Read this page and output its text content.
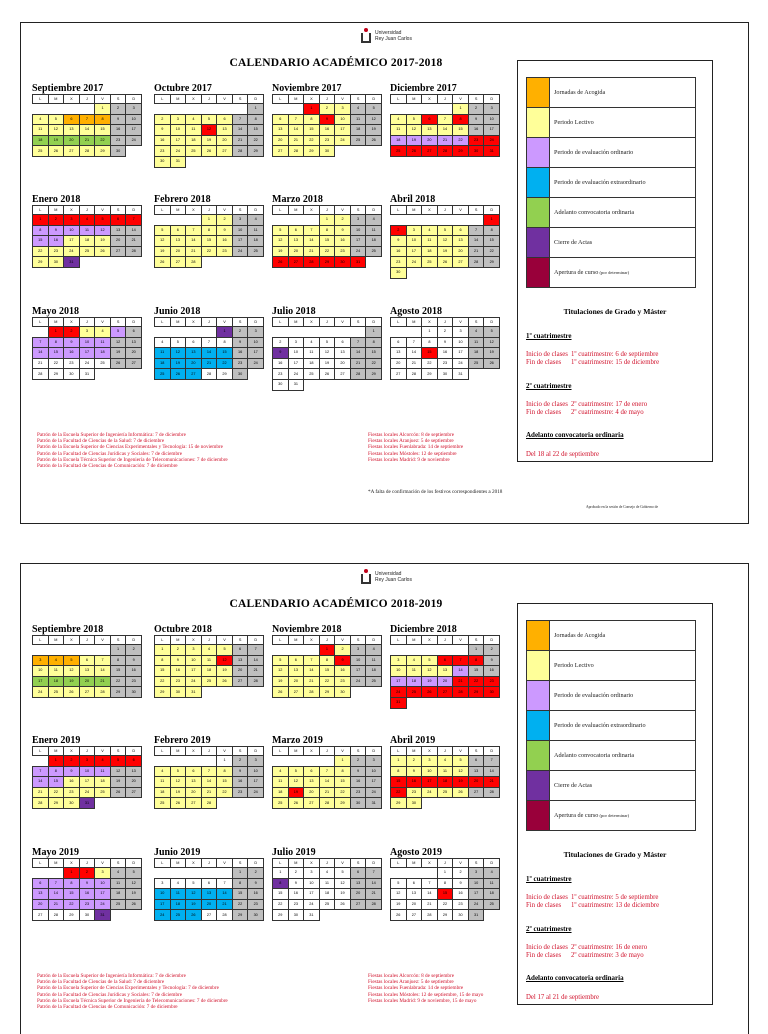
Universidad
Rey Juan Carlos
CALENDARIO ACADÉMICO 2017-2018
Septiembre 2017
L	M	X	J	V	S	D
				1	2	3
4	5	6	7	8	9	10
11	12	13	14	15	16	17
18	19	20	21	22	23	24
25	26	27	28	29	30	
Octubre 2017
L	M	X	J	V	S	D
						1
2	3	4	5	6	7	8
9	10	11	12	13	14	15
16	17	18	19	20	21	22
23	24	25	26	27	28	29
30	31					
Noviembre 2017
L	M	X	J	V	S	D
		1	2	3	4	5
6	7	8	9	10	11	12
13	14	15	16	17	18	19
20	21	22	23	24	25	26
27	28	29	30			
Diciembre 2017
L	M	X	J	V	S	D
				1	2	3
4	5	6	7	8	9	10
11	12	13	14	15	16	17
18	19	20	21	22	23	24
25	26	27	28	29	30	31
Enero 2018
L	M	X	J	V	S	D
1	2	3	4	5	6	7
8	9	10	11	12	13	14
15	16	17	18	19	20	21
22	23	24	25	26	27	28
29	30	31				
Febrero 2018
L	M	X	J	V	S	D
			1	2	3	4
5	6	7	8	9	10	11
12	13	14	15	16	17	18
19	20	21	22	23	24	25
26	27	28				
Marzo 2018
L	M	X	J	V	S	D
			1	2	3	4
5	6	7	8	9	10	11
12	13	14	15	16	17	18
19	20	21	22	23	24	25
26	27	28	29	30	31	
Abril 2018
L	M	X	J	V	S	D
						1
2	3	4	5	6	7	8
9	10	11	12	13	14	15
16	17	18	19	20	21	22
23	24	25	26	27	28	29
30						
Mayo 2018
L	M	X	J	V	S	D
	1	2	3	4	5	6
7	8	9	10	11	12	13
14	15	16	17	18	19	20
21	22	23	24	25	26	27
28	29	30	31			
Junio 2018
L	M	X	J	V	S	D
				1	2	3
4	5	6	7	8	9	10
11	12	13	14	15	16	17
18	19	20	21	22	23	24
25	26	27	28	29	30	
Julio 2018
L	M	X	J	V	S	D
						1
2	3	4	5	6	7	8
9	10	11	12	13	14	15
16	17	18	19	20	21	22
23	24	25	26	27	28	29
30	31					
Agosto 2018
L	M	X	J	V	S	D
		1	2	3	4	5
6	7	8	9	10	11	12
13	14	15	16	17	18	19
20	21	22	23	24	25	26
27	28	29	30	31		
Patrón de la Escuela Superior de Ingeniería Informática: 7 de diciembre
Patrón de la Facultad de Ciencias de la Salud: 7 de diciembre
Patrón de la Escuela Superior de Ciencias Experimentales y Tecnología: 15 de noviembre
Patrón de la Facultad de Ciencias Jurídicas y Sociales: 7 de diciembre
Patrón de la Escuela Técnica Superior de Ingeniería de Telecomunicaciones: 7 de diciembre
Patrón de la Facultad de Ciencias de Comunicación: 7 de diciembre
Fiestas locales Alcorcón: 8 de septiembre
Fiestas locales Aranjuez: 5 de septiembre
Fiestas locales Fuenlabrada: 14 de septiembre
Fiestas locales Móstoles: 12 de septiembre
Fiestas locales Madrid: 9 de noviembre
*A falta de confirmación de los festivos correspondientes a 2018
Aprobado en la sesión de Consejo de Gobierno de
	Jornadas de Acogida
	Periodo Lectivo
	Periodo de evaluación ordinario
	Periodo de evaluación extraordinario
	Adelanto convocatoria ordinaria
	Cierre de Actas
	Apertura de curso (por determinar)
Titulaciones de Grado y Máster
1º cuatrimestre
Inicio de clases 1º cuatrimestre: 6 de septiembre
Fin de clases 1º cuatrimestre: 15 de diciembre
2º cuatrimestre
Inicio de clases 2º cuatrimestre: 17 de enero
Fin de clases 2º cuatrimestre: 4 de mayo
Adelanto convocatoria ordinaria
Del 18 al 22 de septiembre
Universidad
Rey Juan Carlos
CALENDARIO ACADÉMICO 2018-2019
Septiembre 2018
L	M	X	J	V	S	D
					1	2
3	4	5	6	7	8	9
10	11	12	13	14	15	16
17	18	19	20	21	22	23
24	25	26	27	28	29	30
Octubre 2018
L	M	X	J	V	S	D
1	2	3	4	5	6	7
8	9	10	11	12	13	14
15	16	17	18	19	20	21
22	23	24	25	26	27	28
29	30	31				
Noviembre 2018
L	M	X	J	V	S	D
			1	2	3	4
5	6	7	8	9	10	11
12	13	14	15	16	17	18
19	20	21	22	23	24	25
26	27	28	29	30		
Diciembre 2018
L	M	X	J	V	S	D
					1	2
3	4	5	6	7	8	9
10	11	12	13	14	15	16
17	18	19	20	21	22	23
24	25	26	27	28	29	30
31						
Enero 2019
L	M	X	J	V	S	D
	1	2	3	4	5	6
7	8	9	10	11	12	13
14	15	16	17	18	19	20
21	22	23	24	25	26	27
28	29	30	31			
Febrero 2019
L	M	X	J	V	S	D
				1	2	3
4	5	6	7	8	9	10
11	12	13	14	15	16	17
18	19	20	21	22	23	24
25	26	27	28			
Marzo 2019
L	M	X	J	V	S	D
				1	2	3
4	5	6	7	8	9	10
11	12	13	14	15	16	17
18	19	20	21	22	23	24
25	26	27	28	29	30	31
Abril 2019
L	M	X	J	V	S	D
1	2	3	4	5	6	7
8	9	10	11	12	13	14
15	16	17	18	19	20	21
22	23	24	25	26	27	28
29	30					
Mayo 2019
L	M	X	J	V	S	D
		1	2	3	4	5
6	7	8	9	10	11	12
13	14	15	16	17	18	19
20	21	22	23	24	25	26
27	28	29	30	31		
Junio 2019
L	M	X	J	V	S	D
					1	2
3	4	5	6	7	8	9
10	11	12	13	14	15	16
17	18	19	20	21	22	23
24	25	26	27	28	29	30
Julio 2019
L	M	X	J	V	S	D
1	2	3	4	5	6	7
8	9	10	11	12	13	14
15	16	17	18	19	20	21
22	23	24	25	26	27	28
29	30	31				
Agosto 2019
L	M	X	J	V	S	D
			1	2	3	4
5	6	7	8	9	10	11
12	13	14	15	16	17	18
19	20	21	22	23	24	25
26	27	28	29	30	31	
Patrón de la Escuela Superior de Ingeniería Informática: 7 de diciembre
Patrón de la Facultad de Ciencias de la Salud: 7 de diciembre
Patrón de la Escuela Superior de Ciencias Experimentales y Tecnología: 7 de diciembre
Patrón de la Facultad de Ciencias Jurídicas y Sociales: 7 de diciembre
Patrón de la Escuela Técnica Superior de Ingeniería de Telecomunicaciones: 7 de diciembre
Patrón de la Facultad de Ciencias de Comunicación: 7 de diciembre
Fiestas locales Alcorcón: 8 de septiembre
Fiestas locales Aranjuez: 5 de septiembre
Fiestas locales Fuenlabrada: 14 de septiembre
Fiestas locales Móstoles: 12 de septiembre, 15 de mayo
Fiestas locales Madrid: 9 de noviembre, 15 de mayo
	Jornadas de Acogida
	Periodo Lectivo
	Periodo de evaluación ordinario
	Periodo de evaluación extraordinario
	Adelanto convocatoria ordinaria
	Cierre de Actas
	Apertura de curso (por determinar)
Titulaciones de Grado y Máster
1º cuatrimestre
Inicio de clases 1º cuatrimestre: 5 de septiembre
Fin de clases 1º cuatrimestre: 13 de diciembre
2º cuatrimestre
Inicio de clases 2º cuatrimestre: 16 de enero
Fin de clases 2º cuatrimestre: 3 de mayo
Adelanto convocatoria ordinaria
Del 17 al 21 de septiembre
